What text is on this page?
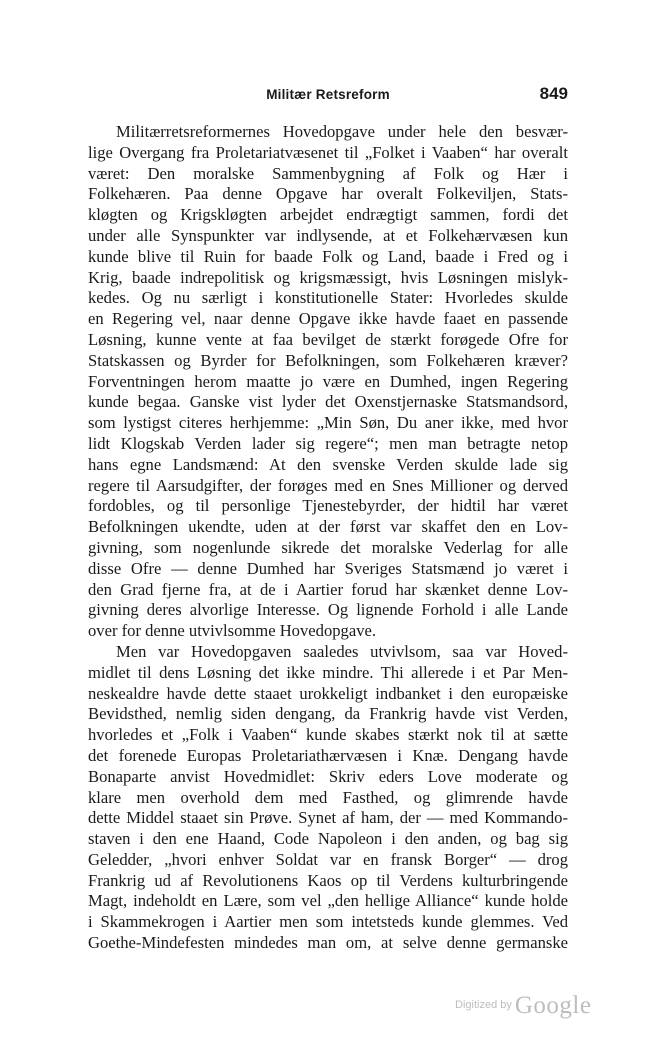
Militær Retsreform	849
Militærretsreformernes Hovedopgave under hele den besvær-
lige Overgang fra Proletariatvæsenet til „Folket i Vaaben“ har overalt
været: Den moralske Sammenbygning af Folk og Hær i
Folkehæren. Paa denne Opgave har overalt Folkeviljen, Stats-
kløgten og Krigskløgten arbejdet endrægtigt sammen, fordi det
under alle Synspunkter var indlysende, at et Folkehærvæsen kun
kunde blive til Ruin for baade Folk og Land, baade i Fred og i
Krig, baade indrepolitisk og krigsmæssigt, hvis Løsningen mislyk-
kedes. Og nu særligt i konstitutionelle Stater: Hvorledes skulde
en Regering vel, naar denne Opgave ikke havde faaet en passende
Løsning, kunne vente at faa bevilget de stærkt forøgede Ofre for
Statskassen og Byrder for Befolkningen, som Folkehæren kræver?
Forventningen herom maatte jo være en Dumhed, ingen Regering
kunde begaa. Ganske vist lyder det Oxenstjernaske Statsmandsord,
som lystigst citeres herhjemme: „Min Søn, Du aner ikke, med hvor
lidt Klogskab Verden lader sig regere“; men man betragte netop
hans egne Landsmænd: At den svenske Verden skulde lade sig
regere til Aarsudgifter, der forøges med en Snes Millioner og derved
fordobles, og til personlige Tjenestebyrder, der hidtil har været
Befolkningen ukendte, uden at der først var skaffet den en Lov-
givning, som nogenlunde sikrede det moralske Vederlag for alle
disse Ofre — denne Dumhed har Sveriges Statsmænd jo været i
den Grad fjerne fra, at de i Aartier forud har skænket denne Lov-
givning deres alvorlige Interesse. Og lignende Forhold i alle Lande
over for denne utvivlsomme Hovedopgave.
Men var Hovedopgaven saaledes utvivlsom, saa var Hoved-
midlet til dens Løsning det ikke mindre. Thi allerede i et Par Men-
neskealdre havde dette staaet urokkeligt indbanket i den europæiske
Bevidsthed, nemlig siden dengang, da Frankrig havde vist Verden,
hvorledes et „Folk i Vaaben“ kunde skabes stærkt nok til at sætte
det forenede Europas Proletariathærvæsen i Knæ. Dengang havde
Bonaparte anvist Hovedmidlet: Skriv eders Love moderate og
klare men overhold dem med Fasthed, og glimrende havde
dette Middel staaet sin Prøve. Synet af ham, der — med Kommando-
staven i den ene Haand, Code Napoleon i den anden, og bag sig
Geledder, „hvori enhver Soldat var en fransk Borger“ — drog
Frankrig ud af Revolutionens Kaos op til Verdens kulturbringende
Magt, indeholdt en Lære, som vel „den hellige Alliance“ kunde holde
i Skammekrogen i Aartier men som intetsteds kunde glemmes. Ved
Goethe-Mindefesten mindedes man om, at selve denne germanske
$^{Digitized by}$ Google
